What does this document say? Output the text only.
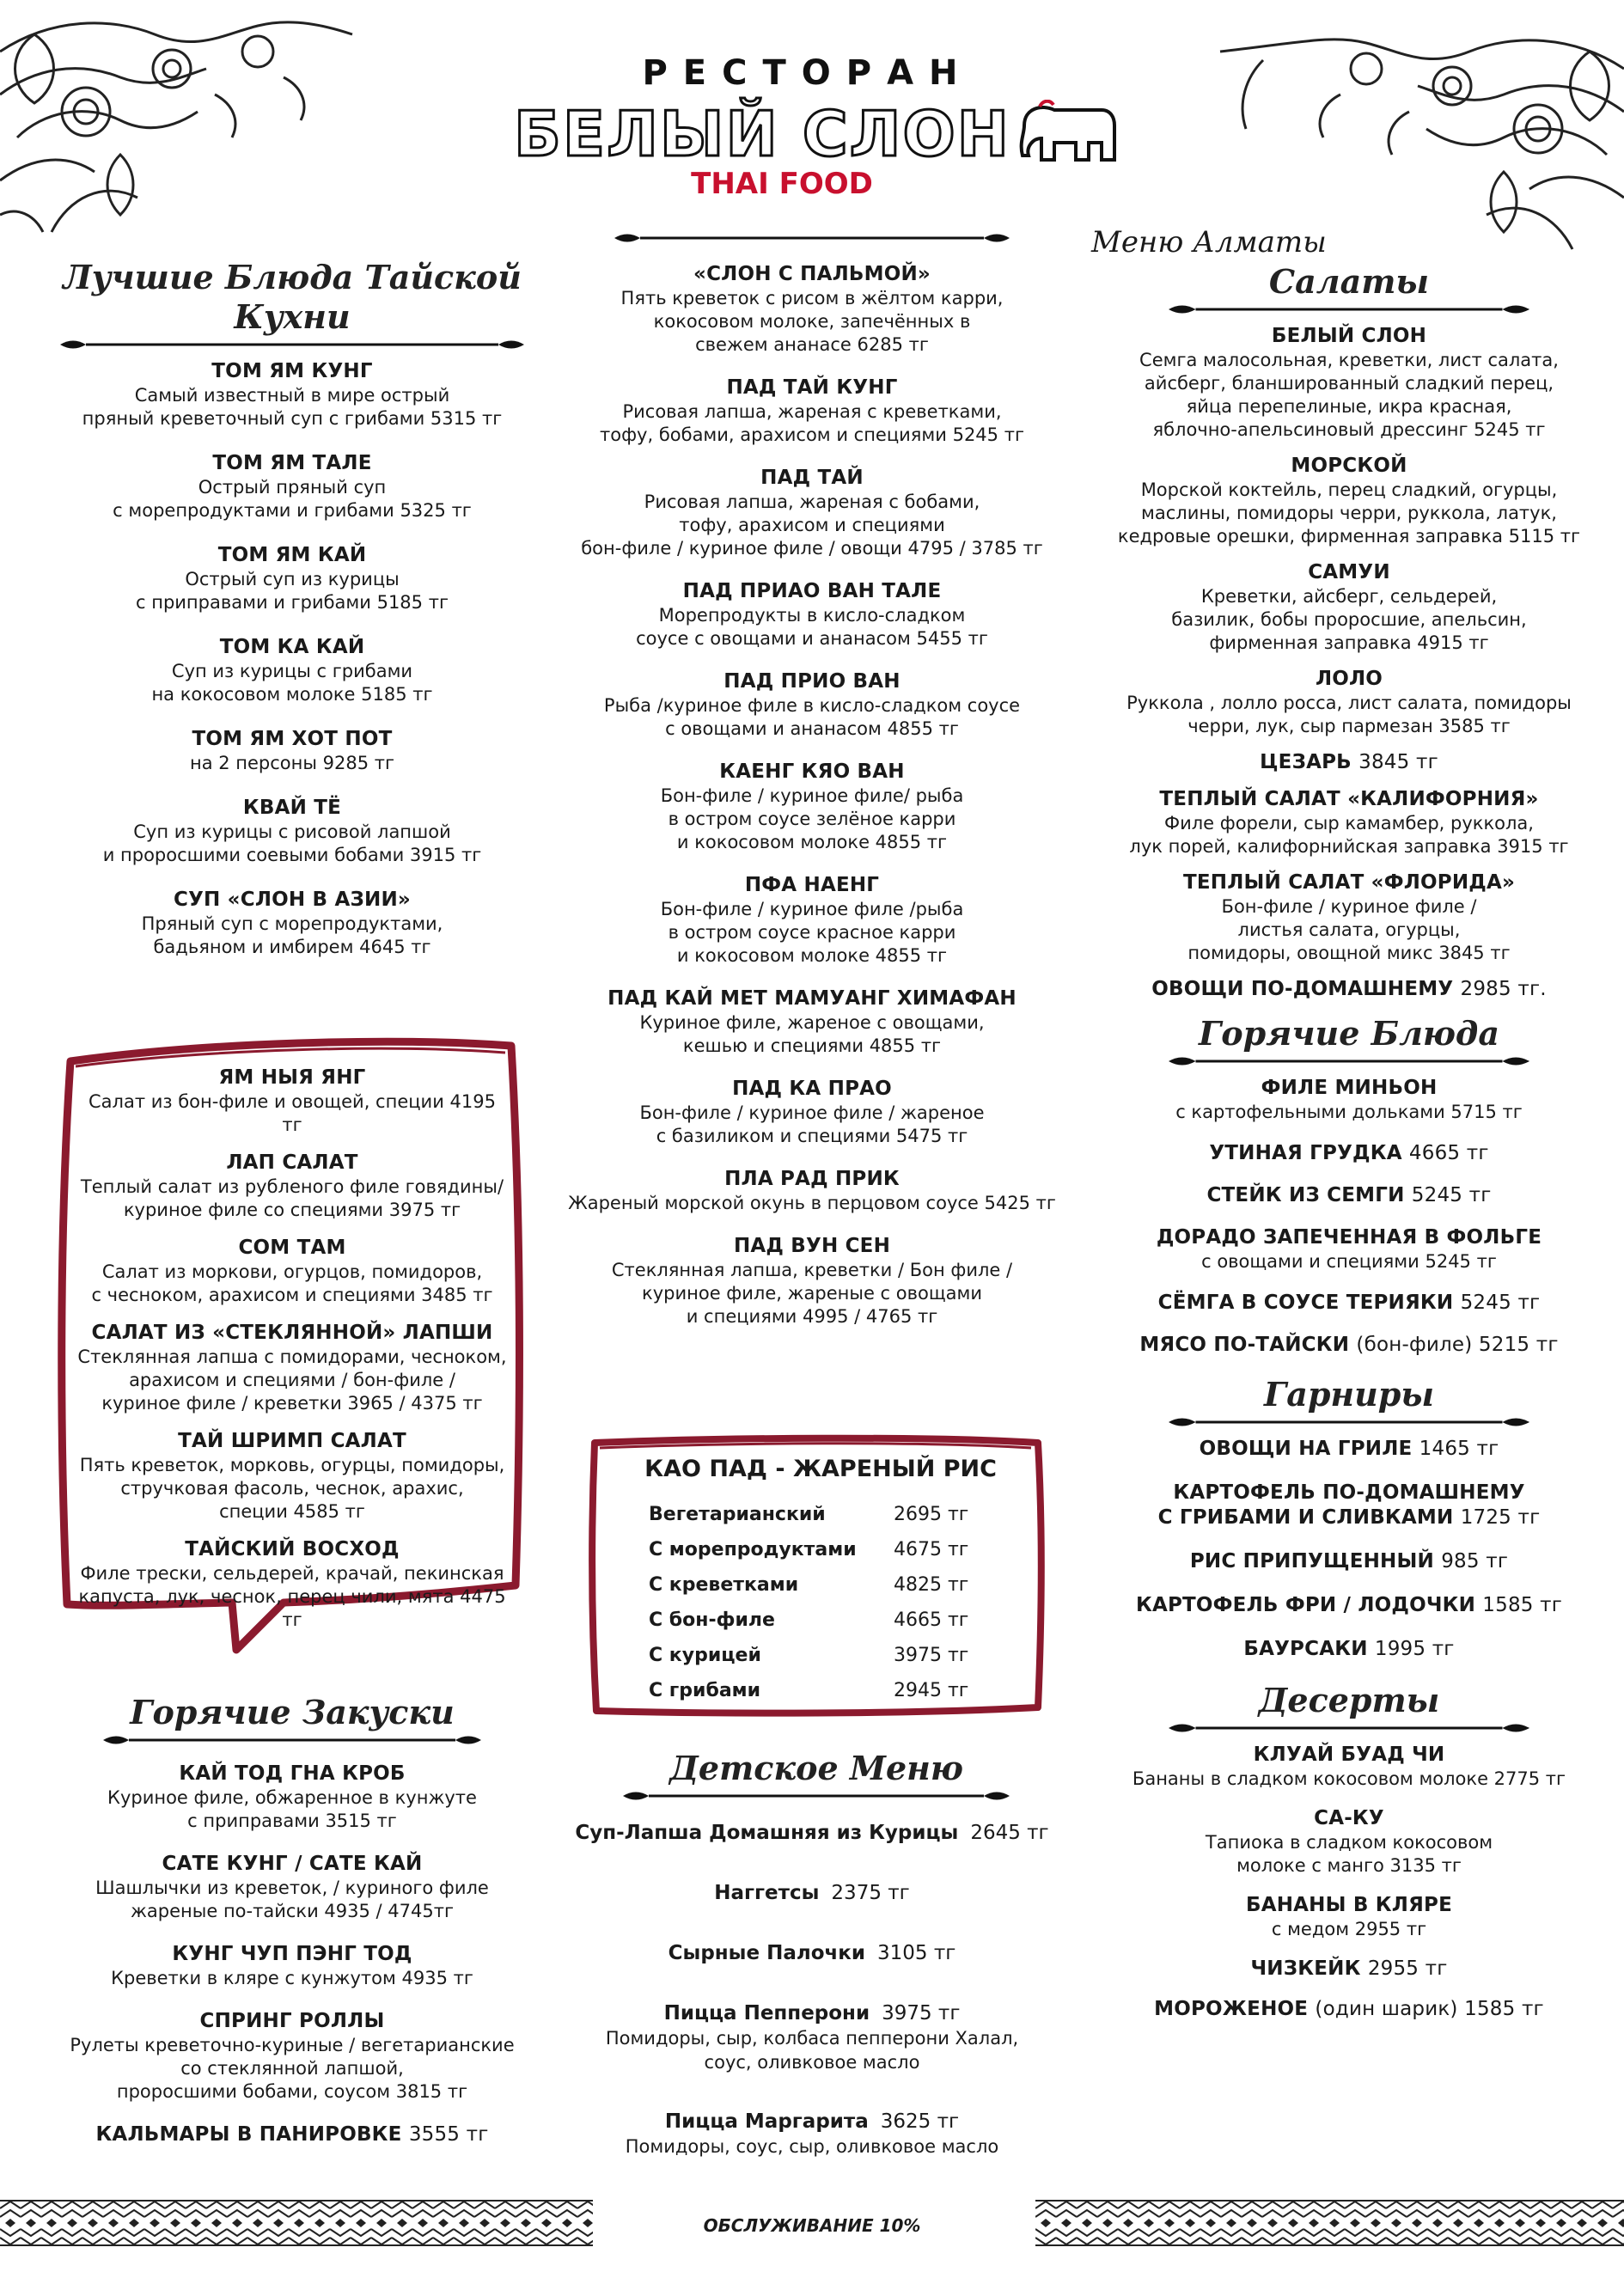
РЕСТОРАН
БЕЛЫЙ СЛОН
THAI FOOD
Лучшие Блюда Тайской Кухни
ТОМ ЯМ КУНГ
Самый известный в мире острый
пряный креветочный суп с грибами 5315 тг
ТОМ ЯМ ТАЛЕ
Острый пряный суп
с морепродуктами и грибами 5325 тг
ТОМ ЯМ КАЙ
Острый суп из курицы
с приправами и грибами 5185 тг
ТОМ КА КАЙ
Суп из курицы с грибами
на кокосовом молоке 5185 тг
ТОМ ЯМ ХОТ ПОТ
на 2 персоны 9285 тг
КВАЙ ТЁ
Суп из курицы с рисовой лапшой
и проросшими соевыми бобами 3915 тг
СУП «СЛОН В АЗИИ»
Пряный суп с морепродуктами,
бадьяном и имбирем 4645 тг
ЯМ НЫЯ ЯНГ
Салат из бон-филе и овощей, специи 4195 тг
ЛАП САЛАТ
Теплый салат из рубленого филе говядины/
куриное филе со специями 3975 тг
СОМ ТАМ
Салат из моркови, огурцов, помидоров,
с чесноком, арахисом и специями 3485 тг
САЛАТ ИЗ «СТЕКЛЯННОЙ» ЛАПШИ
Стеклянная лапша с помидорами, чесноком,
арахисом и специями / бон-филе /
куриное филе / креветки 3965 / 4375 тг
ТАЙ ШРИМП САЛАТ
Пять креветок, морковь, огурцы, помидоры,
стручковая фасоль, чеснок, арахис,
специи 4585 тг
ТАЙСКИЙ ВОСХОД
Филе трески, сельдерей, крачай, пекинская
капуста, лук, чеснок, перец чили, мята 4475 тг
Горячие Закуски
КАЙ ТОД ГНА КРОБ
Куриное филе, обжаренное в кунжуте
с приправами 3515 тг
САТЕ КУНГ / САТЕ КАЙ
Шашлычки из креветок, / куриного филе
жареные по-тайски 4935 / 4745тг
КУНГ ЧУП ПЭНГ ТОД
Креветки в кляре с кунжутом 4935 тг
СПРИНГ РОЛЛЫ
Рулеты креветочно-куриные / вегетарианские
со стеклянной лапшой,
проросшими бобами, соусом 3815 тг
КАЛЬМАРЫ В ПАНИРОВКЕ 3555 тг
«СЛОН С ПАЛЬМОЙ»
Пять креветок с рисом в жёлтом карри,
кокосовом молоке, запечённых в
свежем ананасе 6285 тг
ПАД ТАЙ КУНГ
Рисовая лапша, жареная с креветками,
тофу, бобами, арахисом и специями 5245 тг
ПАД ТАЙ
Рисовая лапша, жареная с бобами,
тофу, арахисом и специями
бон-филе / куриное филе / овощи 4795 / 3785 тг
ПАД ПРИАО ВАН ТАЛЕ
Морепродукты в кисло-сладком
соусе с овощами и ананасом 5455 тг
ПАД ПРИО ВАН
Рыба /куриное филе в кисло-сладком соусе
с овощами и ананасом 4855 тг
КАЕНГ КЯО ВАН
Бон-филе / куриное филе/ рыба
в остром соусе зелёное карри
и кокосовом молоке 4855 тг
ПФА НАЕНГ
Бон-филе / куриное филе /рыба
в остром соусе красное карри
и кокосовом молоке 4855 тг
ПАД КАЙ МЕТ МАМУАНГ ХИМАФАН
Куриное филе, жареное с овощами,
кешью и специями 4855 тг
ПАД КА ПРАО
Бон-филе / куриное филе / жареное
с базиликом и специями 5475 тг
ПЛА РАД ПРИК
Жареный морской окунь в перцовом соусе 5425 тг
ПАД ВУН СЕН
Стеклянная лапша, креветки / Бон филе /
куриное филе, жареные с овощами
и специями 4995 / 4765 тг
КАО ПАД - ЖАРЕНЫЙ РИС
Вегетарианский	2695 тг
С морепродуктами	4675 тг
С креветками	4825 тг
С бон-филе	4665 тг
С курицей	3975 тг
С грибами	2945 тг
Детское Меню
Суп-Лапша Домашняя из Курицы 2645 тг
Наггетсы 2375 тг
Сырные Палочки 3105 тг
Пицца Пепперони 3975 тг
Помидоры, сыр, колбаса пепперони Халал,
соус, оливковое масло
Пицца Маргарита 3625 тг
Помидоры, соус, сыр, оливковое масло
ОБСЛУЖИВАНИЕ 10%
Меню Алматы
Салаты
БЕЛЫЙ СЛОН
Семга малосольная, креветки, лист салата,
айсберг, бланшированный сладкий перец,
яйца перепелиные, икра красная,
яблочно-апельсиновый дрессинг 5245 тг
МОРСКОЙ
Морской коктейль, перец сладкий, огурцы,
маслины, помидоры черри, руккола, латук,
кедровые орешки, фирменная заправка 5115 тг
САМУИ
Креветки, айсберг, сельдерей,
базилик, бобы проросшие, апельсин,
фирменная заправка 4915 тг
ЛОЛО
Руккола , лолло росса, лист салата, помидоры
черри, лук, сыр пармезан 3585 тг
ЦЕЗАРЬ 3845 тг
ТЕПЛЫЙ САЛАТ «КАЛИФОРНИЯ»
Филе форели, сыр камамбер, руккола,
лук порей, калифорнийская заправка 3915 тг
ТЕПЛЫЙ САЛАТ «ФЛОРИДА»
Бон-филе / куриное филе /
листья салата, огурцы,
помидоры, овощной микс 3845 тг
ОВОЩИ ПО-ДОМАШНЕМУ 2985 тг.
Горячие Блюда
ФИЛЕ МИНЬОН
с картофельными дольками 5715 тг
УТИНАЯ ГРУДКА 4665 тг
СТЕЙК ИЗ СЕМГИ 5245 тг
ДОРАДО ЗАПЕЧЕННАЯ В ФОЛЬГЕ
с овощами и специями 5245 тг
СЁМГА В СОУСЕ ТЕРИЯКИ 5245 тг
МЯСО ПО-ТАЙСКИ (бон-филе) 5215 тг
Гарниры
ОВОЩИ НА ГРИЛЕ 1465 тг
КАРТОФЕЛЬ ПО-ДОМАШНЕМУ
С ГРИБАМИ И СЛИВКАМИ 1725 тг
РИС ПРИПУЩЕННЫЙ 985 тг
КАРТОФЕЛЬ ФРИ / ЛОДОЧКИ 1585 тг
БАУРСАКИ 1995 тг
Десерты
КЛУАЙ БУАД ЧИ
Бананы в сладком кокосовом молоке 2775 тг
СА-КУ
Тапиока в сладком кокосовом
молоке с манго 3135 тг
БАНАНЫ В КЛЯРЕ
с медом 2955 тг
ЧИЗКЕЙК 2955 тг
МОРОЖЕНОЕ (один шарик) 1585 тг
